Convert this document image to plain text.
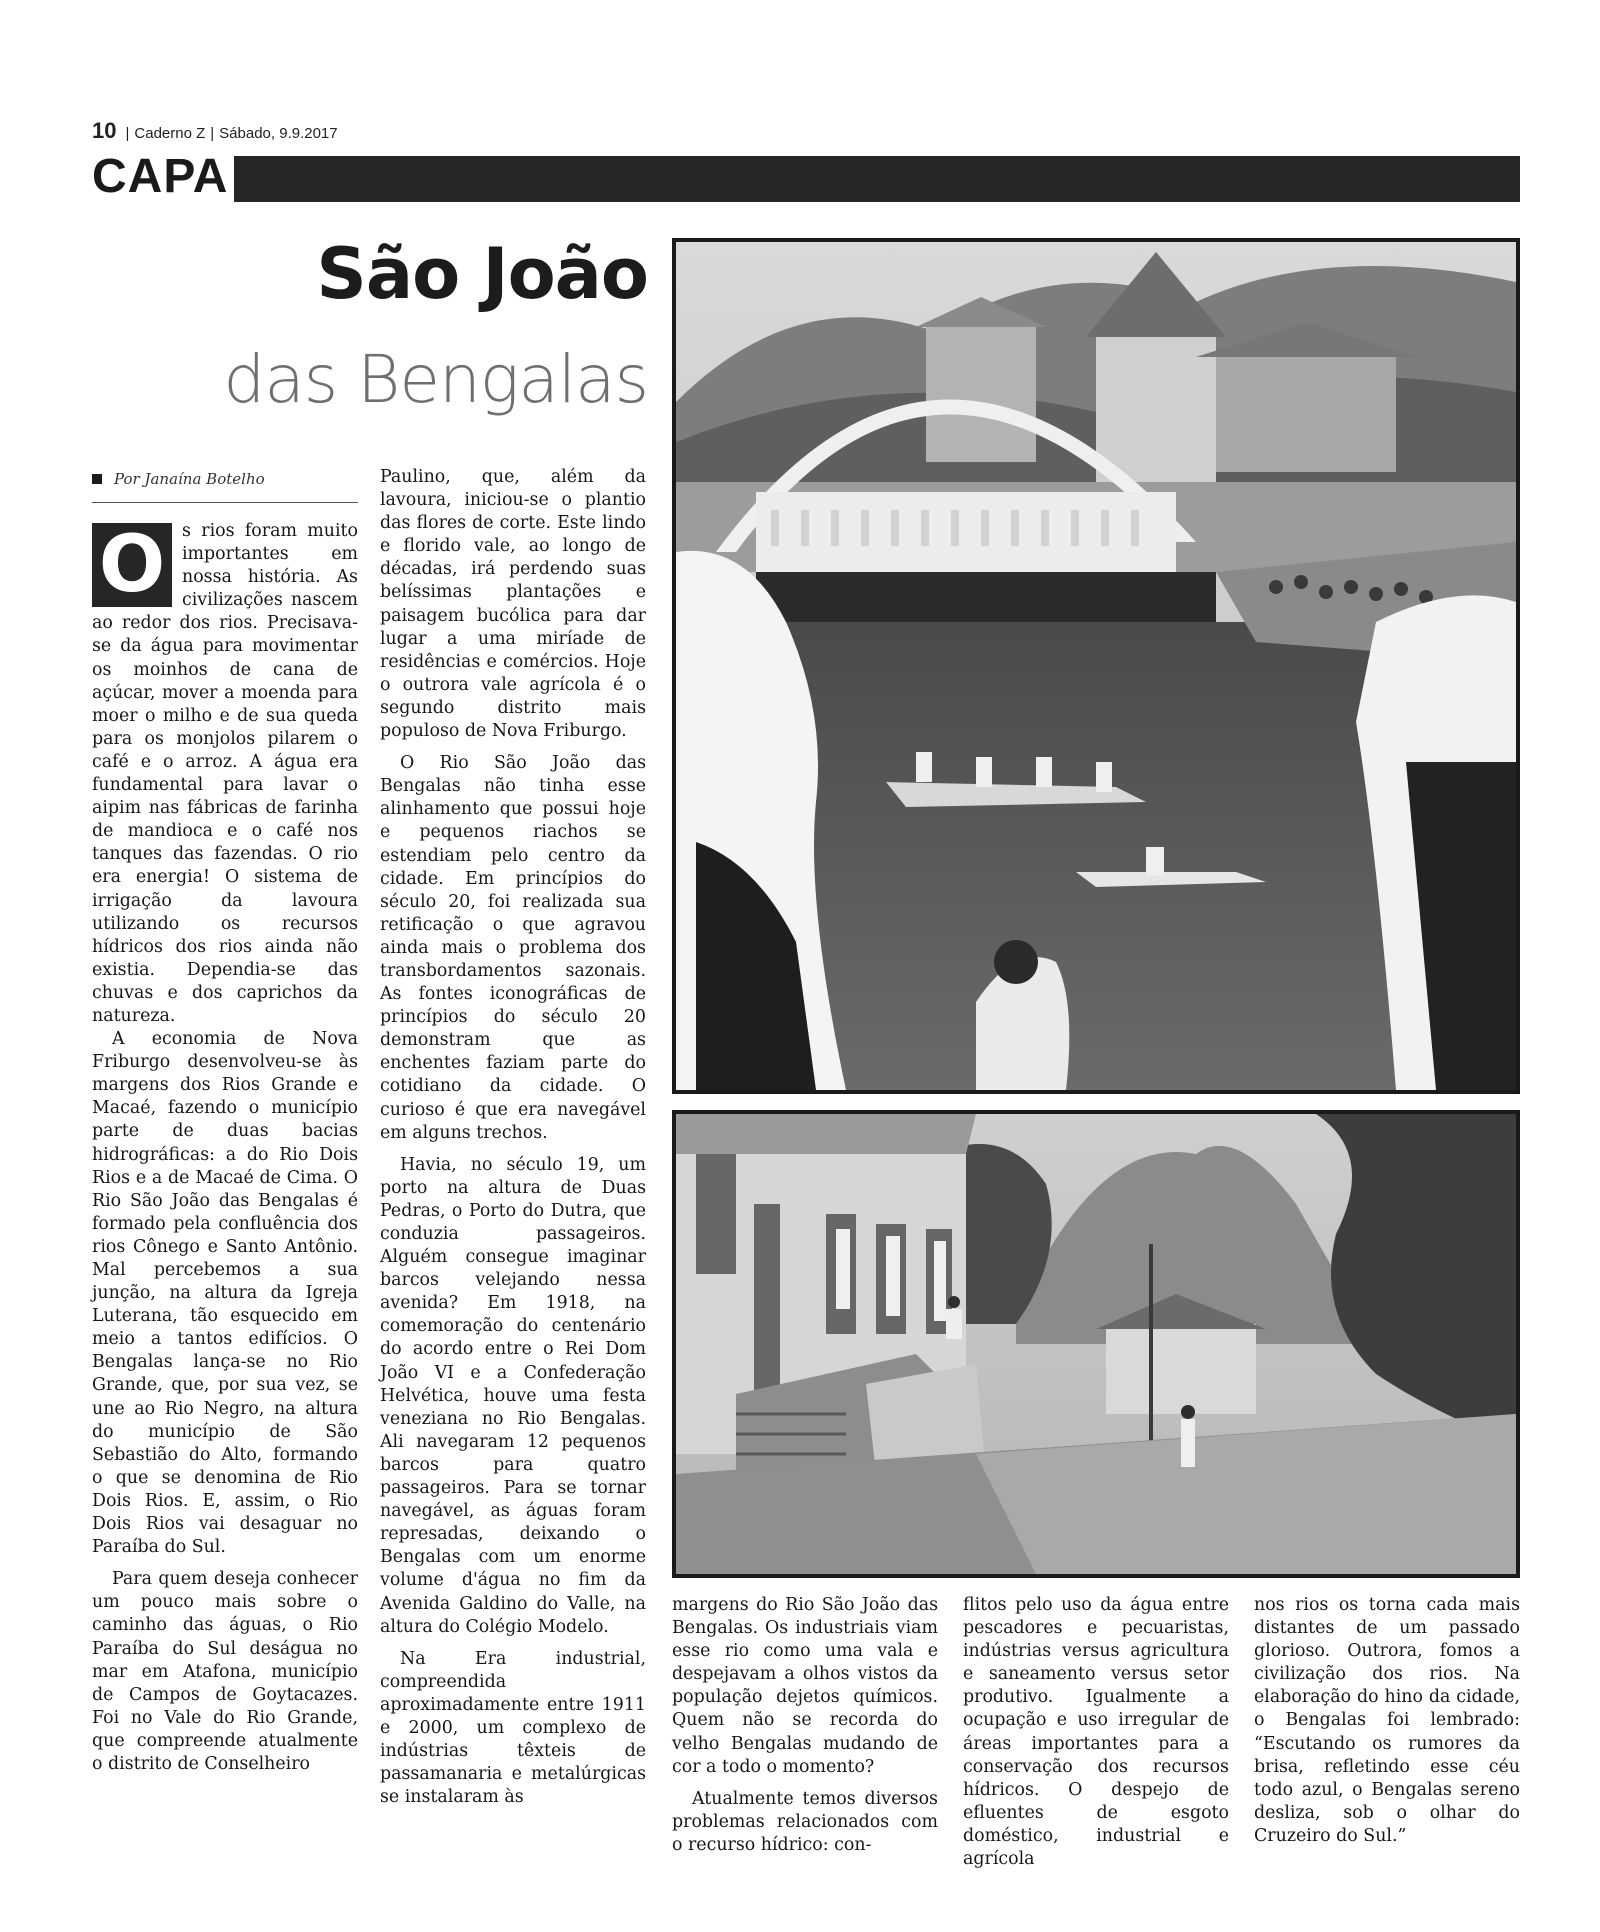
10 | Caderno Z | Sábado, 9.9.2017
CAPA
São João
das Bengalas
Por Janaína Botelho
O s rios foram muito importantes em nossa história. As civilizações nascem ao redor dos rios. Precisava-se da água para movimentar os moinhos de cana de açúcar, mover a moenda para moer o milho e de sua queda para os monjolos pilarem o café e o arroz. A água era fundamental para lavar o aipim nas fábricas de farinha de mandioca e o café nos tanques das fazendas. O rio era energia! O sistema de irrigação da lavoura utilizando os recursos hídricos dos rios ainda não existia. Dependia-se das chuvas e dos caprichos da natureza.

A economia de Nova Friburgo desenvolveu-se às margens dos Rios Grande e Macaé, fazendo o município parte de duas bacias hidrográficas: a do Rio Dois Rios e a de Macaé de Cima. O Rio São João das Bengalas é formado pela confluência dos rios Cônego e Santo Antônio. Mal percebemos a sua junção, na altura da Igreja Luterana, tão esquecido em meio a tantos edifícios. O Bengalas lança-se no Rio Grande, que, por sua vez, se une ao Rio Negro, na altura do município de São Sebastião do Alto, formando o que se denomina de Rio Dois Rios. E, assim, o Rio Dois Rios vai desaguar no Paraíba do Sul.

Para quem deseja conhecer um pouco mais sobre o caminho das águas, o Rio Paraíba do Sul deságua no mar em Atafona, município de Campos de Goytacazes. Foi no Vale do Rio Grande, que compreende atualmente o distrito de Conselheiro

Paulino, que, além da lavoura, iniciou-se o plantio das flores de corte. Este lindo e florido vale, ao longo de décadas, irá perdendo suas belíssimas plantações e paisagem bucólica para dar lugar a uma miríade de residências e comércios. Hoje o outrora vale agrícola é o segundo distrito mais populoso de Nova Friburgo.

O Rio São João das Bengalas não tinha esse alinhamento que possui hoje e pequenos riachos se estendiam pelo centro da cidade. Em princípios do século 20, foi realizada sua retificação o que agravou ainda mais o problema dos transbordamentos sazonais. As fontes iconográficas de princípios do século 20 demonstram que as enchentes faziam parte do cotidiano da cidade. O curioso é que era navegável em alguns trechos.

Havia, no século 19, um porto na altura de Duas Pedras, o Porto do Dutra, que conduzia passageiros. Alguém consegue imaginar barcos velejando nessa avenida? Em 1918, na comemoração do centenário do acordo entre o Rei Dom João VI e a Confederação Helvética, houve uma festa veneziana no Rio Bengalas. Ali navegaram 12 pequenos barcos para quatro passageiros. Para se tornar navegável, as águas foram represadas, deixando o Bengalas com um enorme volume d'água no fim da Avenida Galdino do Valle, na altura do Colégio Modelo.

Na Era industrial, compreendida aproximadamente entre 1911 e 2000, um complexo de indústrias têxteis de passamanaria e metalúrgicas se instalaram às

margens do Rio São João das Bengalas. Os industriais viam esse rio como uma vala e despejavam a olhos vistos da população dejetos químicos. Quem não se recorda do velho Bengalas mudando de cor a todo o momento?

Atualmente temos diversos problemas relacionados com o recurso hídrico: con-

flitos pelo uso da água entre pescadores e pecuaristas, indústrias versus agricultura e saneamento versus setor produtivo. Igualmente a ocupação e uso irregular de áreas importantes para a conservação dos recursos hídricos. O despejo de efluentes de esgoto doméstico, industrial e agrícola

nos rios os torna cada mais distantes de um passado glorioso. Outrora, fomos a civilização dos rios. Na elaboração do hino da cidade, o Bengalas foi lembrado: “Escutando os rumores da brisa, refletindo esse céu todo azul, o Bengalas sereno desliza, sob o olhar do Cruzeiro do Sul.”
